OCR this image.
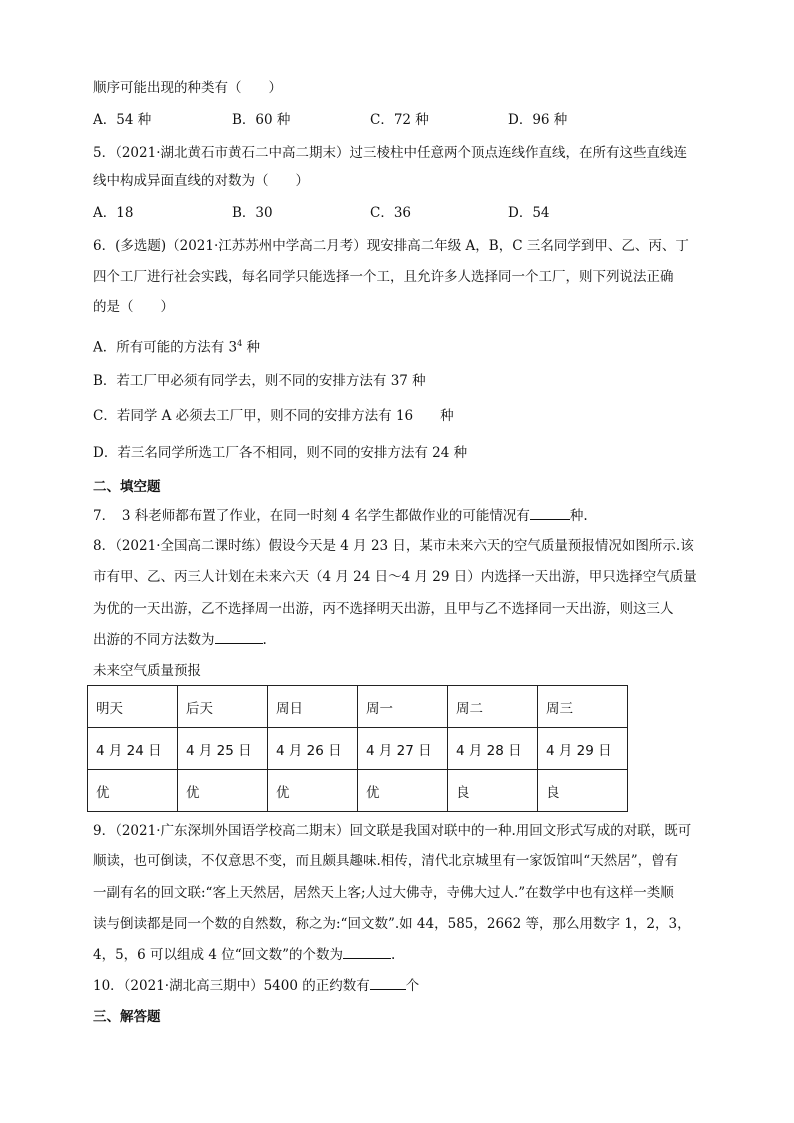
顺序可能出现的种类有（　　）
A．54 种	B．60 种	C．72 种	D．96 种
5．（2021·湖北黄石市黄石二中高二期末）过三棱柱中任意两个顶点连线作直线，在所有这些直线连
线中构成异面直线的对数为（　　）
A．18	B．30	C．36	D．54
6．(多选题)（2021·江苏苏州中学高二月考）现安排高二年级 A，B，C 三名同学到甲、乙、丙、丁
四个工厂进行社会实践，每名同学只能选择一个工，且允许多人选择同一个工厂，则下列说法正确
的是（　　）
A．所有可能的方法有 $3^4$ 种
B．若工厂甲必须有同学去，则不同的安排方法有 37 种
C．若同学 A 必须去工厂甲，则不同的安排方法有 16　　种
D．若三名同学所选工厂各不相同，则不同的安排方法有 24 种
二、填空题
7．　3 科老师都布置了作业，在同一时刻 4 名学生都做作业的可能情况有	种.
8．（2021·全国高二课时练）假设今天是 4 月 23 日，某市未来六天的空气质量预报情况如图所示.该
市有甲、乙、丙三人计划在未来六天（4 月 24 日～4 月 29 日）内选择一天出游，甲只选择空气质量
为优的一天出游，乙不选择周一出游，丙不选择明天出游，且甲与乙不选择同一天出游，则这三人
出游的不同方法数为	.
未来空气质量预报
明天	后天	周日	周一	周二	周三
4 月 24 日	4 月 25 日	4 月 26 日	4 月 27 日	4 月 28 日	4 月 29 日
优	优	优	优	良	良
9．（2021·广东深圳外国语学校高二期末）回文联是我国对联中的一种.用回文形式写成的对联，既可
顺读，也可倒读，不仅意思不变，而且颇具趣味.相传，清代北京城里有一家饭馆叫“天然居”，曾有
一副有名的回文联:“客上天然居，居然天上客;人过大佛寺，寺佛大过人.”在数学中也有这样一类顺
读与倒读都是同一个数的自然数，称之为:“回文数”.如 44，585，2662 等，那么用数字 1，2，3，
4，5，6 可以组成 4 位“回文数”的个数为	.
10．（2021·湖北高三期中）5400 的正约数有	个
三、解答题
